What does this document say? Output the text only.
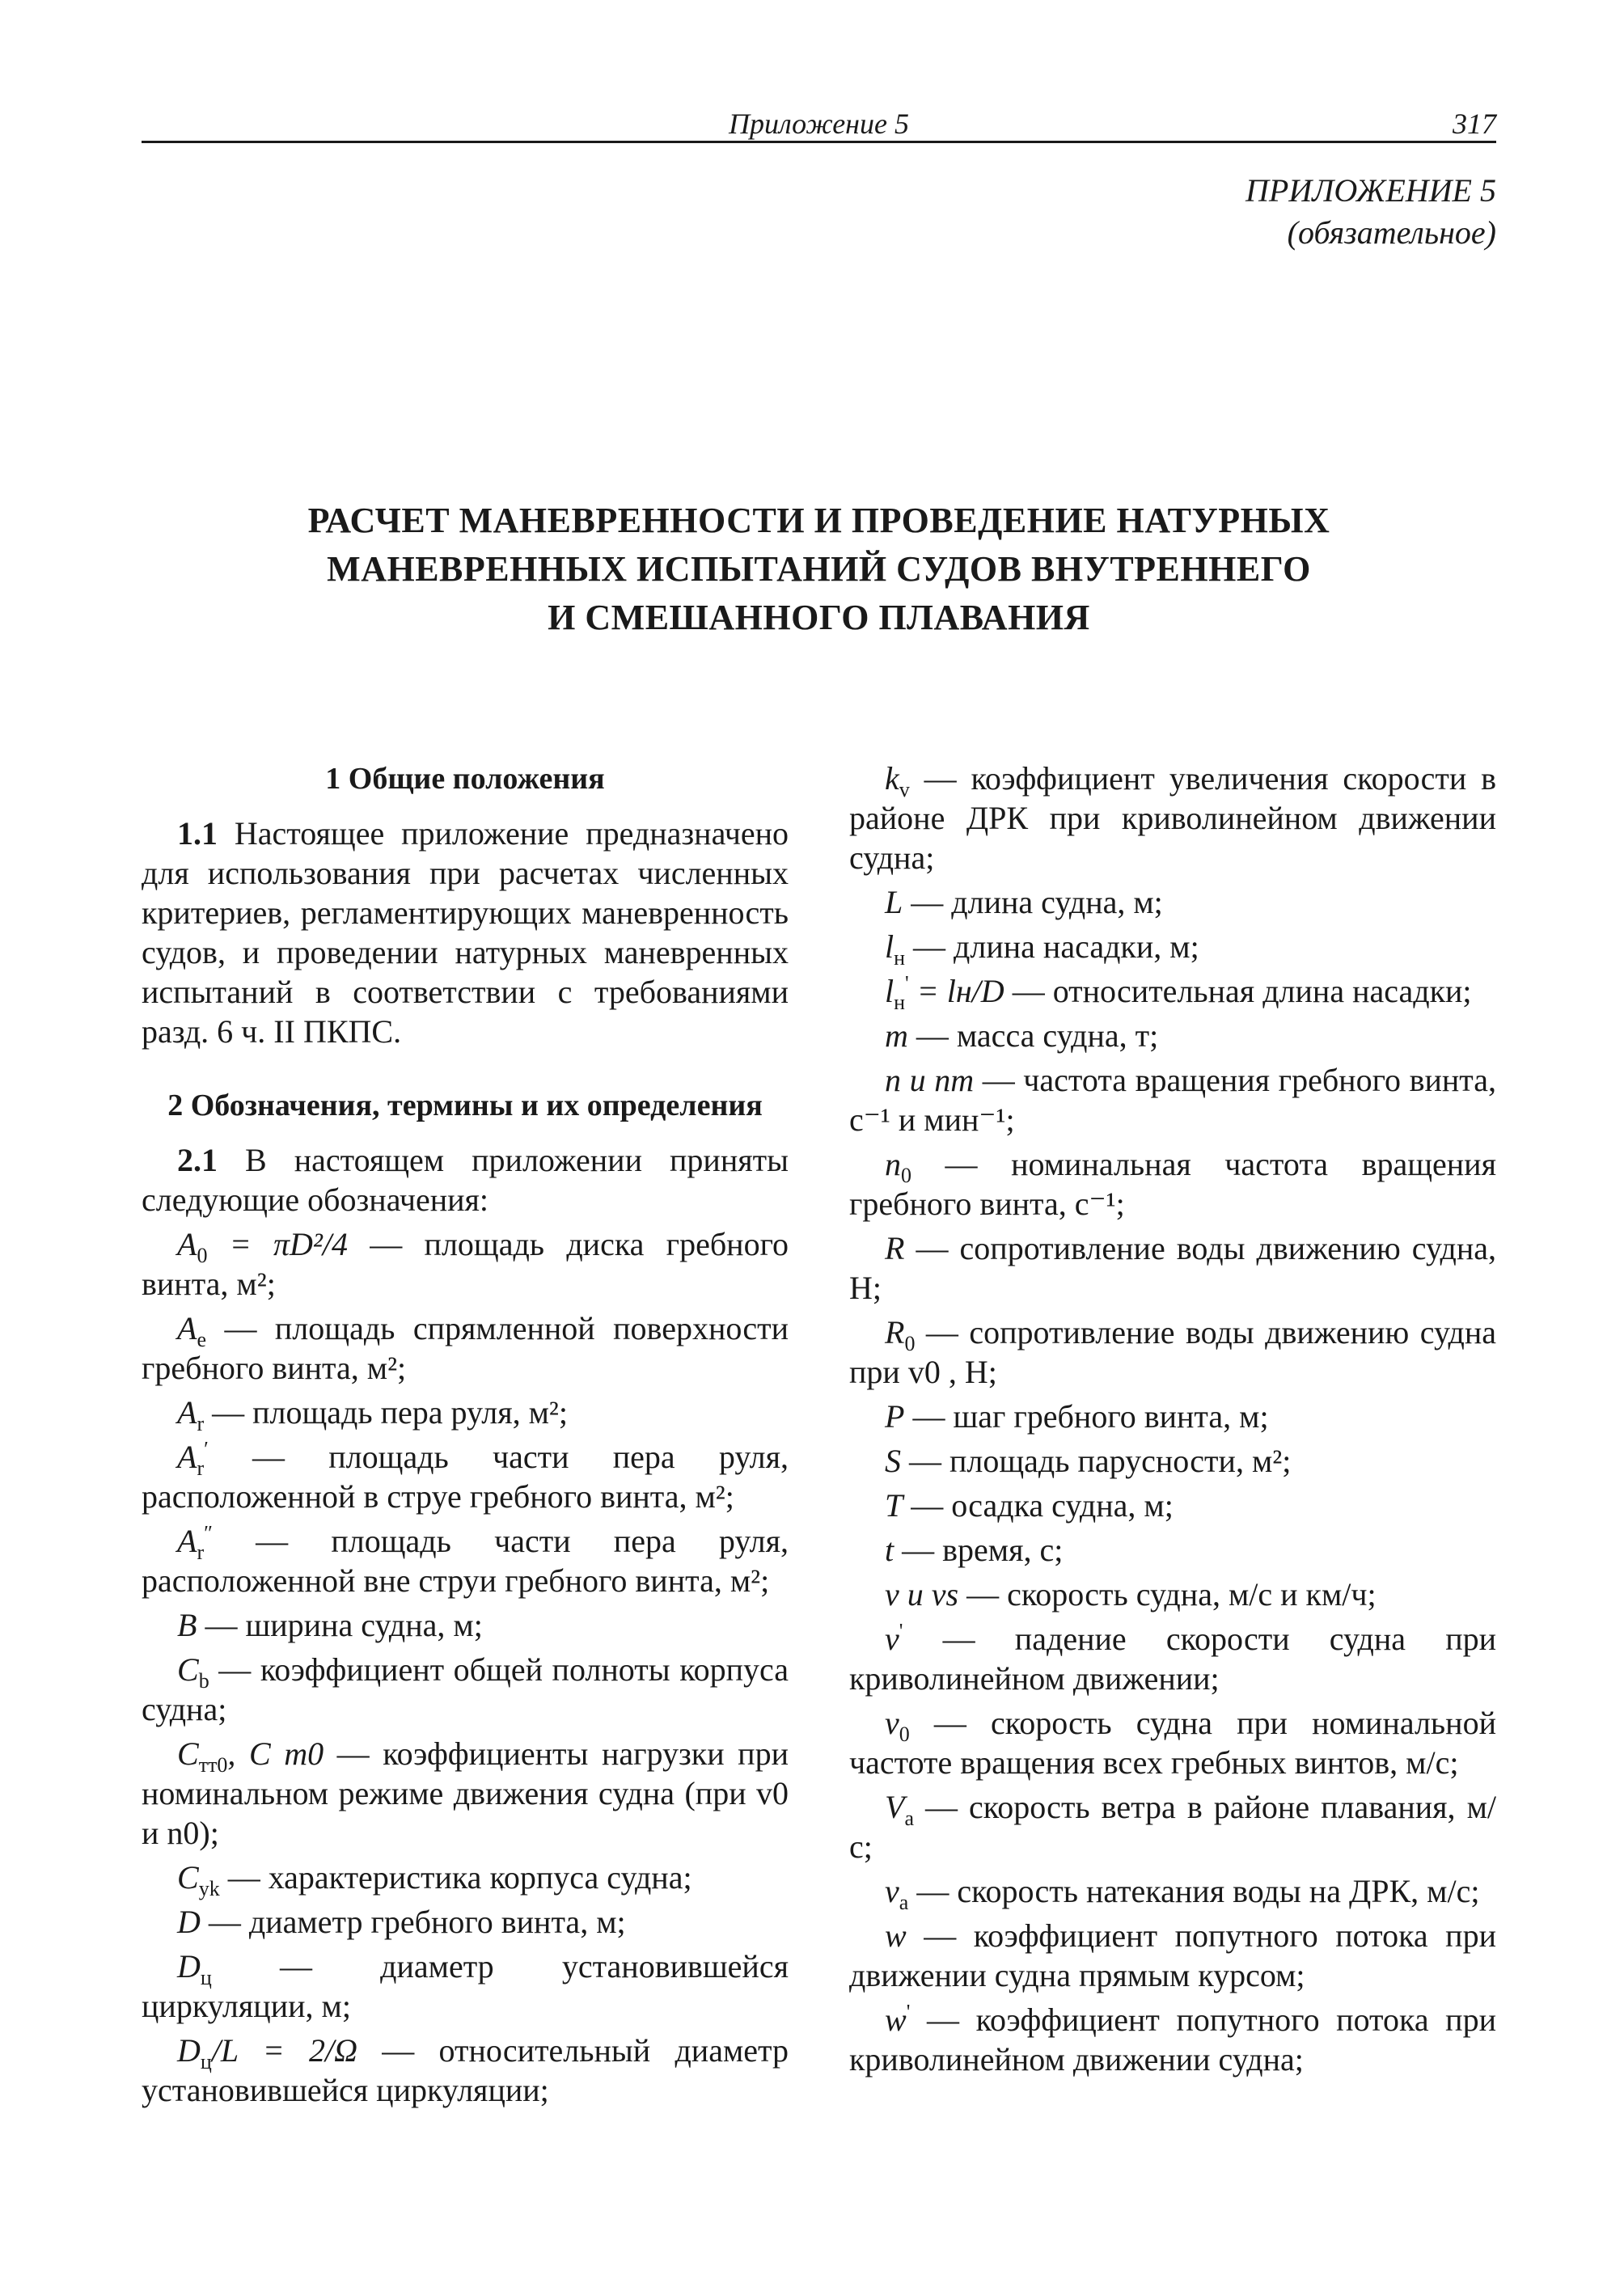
Приложение 5	317
ПРИЛОЖЕНИЕ 5
(обязательное)
РАСЧЕТ МАНЕВРЕННОСТИ И ПРОВЕДЕНИЕ НАТУРНЫХ
МАНЕВРЕННЫХ ИСПЫТАНИЙ СУДОВ ВНУТРЕННЕГО
И СМЕШАННОГО ПЛАВАНИЯ
1 Общие положения
1.1 Настоящее приложение предназначено для использования при расчетах численных критериев, регламентирующих маневренность судов, и проведении натурных маневренных испытаний в соответствии с требованиями разд. 6 ч. II ПКПС.
2 Обозначения, термины и их определения
2.1 В настоящем приложении приняты следующие обозначения:
$A_0 = \pi D^2/4$ — площадь диска гребного винта, м²;
$A_e$ — площадь спрямленной поверхности гребного винта, м²;
$A_r$ — площадь пера руля, м²;
$A_r'$ — площадь части пера руля, расположенной в струе гребного винта, м²;
$A_r''$ — площадь части пера руля, расположенной вне струи гребного винта, м²;
B — ширина судна, м;
$C_b$ — коэффициент общей полноты корпуса судна;
$C_{тт0}$, C т0 — коэффициенты нагрузки при номинальном режиме движения судна (при v0 и n0);
$C_{yk}$ — характеристика корпуса судна;
D — диаметр гребного винта, м;
$D_ц$ — диаметр установившейся циркуляции, м;
$D_ц/L = 2/\Omega$ — относительный диаметр установившейся циркуляции;
$k_v$ — коэффициент увеличения скорости в районе ДРК при криволинейном движении судна;
L — длина судна, м;
$l_н$ — длина насадки, м;
$l_н' = lн/D$ — относительная длина насадки;
m — масса судна, т;
n и nm — частота вращения гребного винта, с⁻¹ и мин⁻¹;
$n_0$ — номинальная частота вращения гребного винта, с⁻¹;
R — сопротивление воды движению судна, Н;
$R_0$ — сопротивление воды движению судна при v0 , Н;
P — шаг гребного винта, м;
S — площадь парусности, м²;
T — осадка судна, м;
t — время, с;
v и vs — скорость судна, м/с и км/ч;
v' — падение скорости судна при криволинейном движении;
$v_0$ — скорость судна при номинальной частоте вращения всех гребных винтов, м/с;
$V_a$ — скорость ветра в районе плавания, м/с;
$v_a$ — скорость натекания воды на ДРК, м/с;
w — коэффициент попутного потока при движении судна прямым курсом;
w' — коэффициент попутного потока при криволинейном движении судна;
